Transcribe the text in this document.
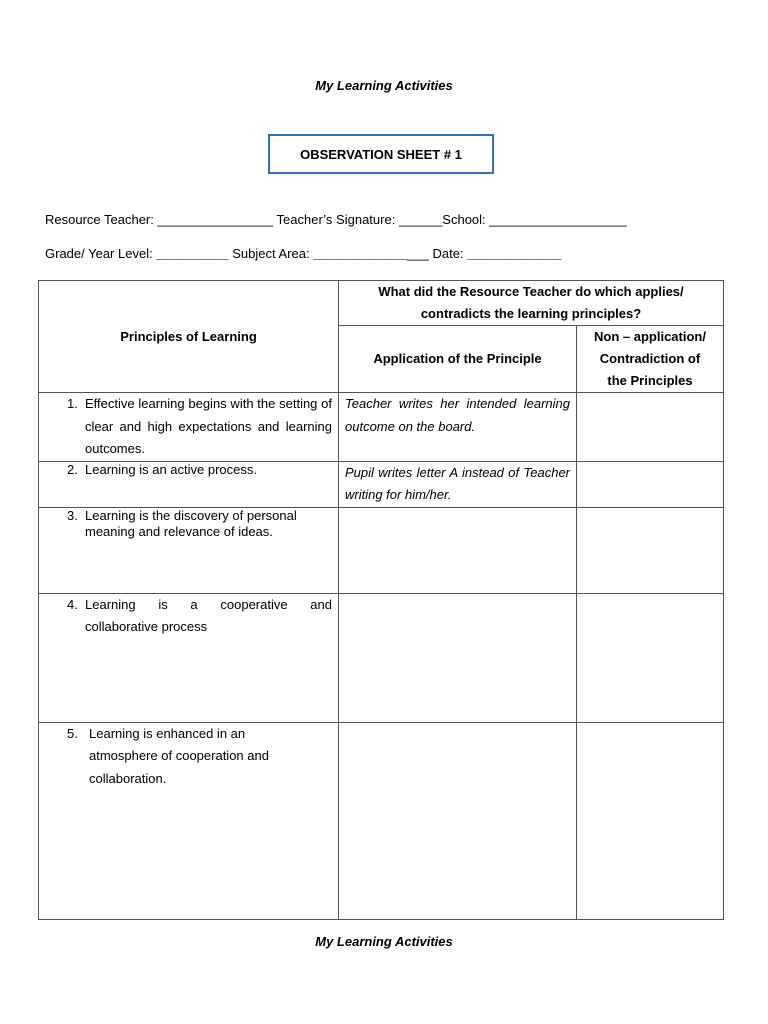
My Learning Activities
OBSERVATION SHEET # 1
Resource Teacher: ________________ Teacher’s Signature: ______School: ___________________
Grade/ Year Level: __________ Subject Area: ________________ Date: _____________
Principles of Learning	What did the Resource Teacher do which applies/
contradicts the learning principles?	

	Application of the Principle	Non – application/
Contradiction of
the Principles

1. Effective learning begins with the setting of clear and high expectations and learning outcomes.	Teacher writes her intended learning outcome on the board.	

2. Learning is an active process.	Pupil writes letter A instead of Teacher writing for him/her.	

3. Learning is the discovery of personal meaning and relevance of ideas.		

4. Learning is a cooperative and collaborative process		

5. Learning is enhanced in an atmosphere of cooperation and collaboration.		

My Learning Activities
